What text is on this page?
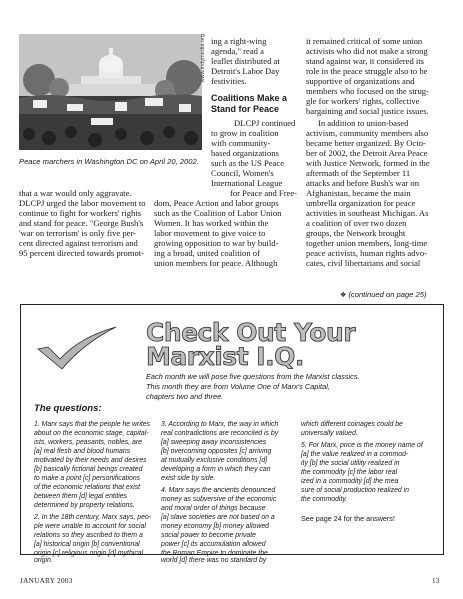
www.indymedia.org
Peace marchers in Washington DC on April 20, 2002.
ing a right-wing
agenda," read a
leaflet distributed at
Detroit's Labor Day
festivities.
Coalitions Make a
Stand for Peace
DLCPJ continued
to grow in coalition
with community-
based organizations
such as the US Peace
Council, Women's
International League
for Peace and Free-
dom, Peace Action and labor groups
such as the Coalition of Labor Union
Women. It has worked within the
labor movement to give voice to
growing opposition to war by build-
ing a broad, united coalition of
union members for peace. Although
that a war would only aggravate.
DLCPJ urged the labor movement to
continue to fight for workers' rights
and stand for peace. "George Bush's
'war on terrorism' is only five per-
cent directed against terrorism and
95 percent directed towards promot-
it remained critical of some union
activists who did not make a strong
stand against war, it considered its
role in the peace struggle also to be
supportive of organizations and
members who focused on the strug-
gle for workers' rights, collective
bargaining and social justice issues.
In addition to union-based
activism, community members also
became better organized. By Octo-
ber of 2002, the Detroit Area Peace
with Justice Network, formed in the
aftermath of the September 11
attacks and before Bush's war on
Afghanistan, became the main
umbrella organization for peace
activities in southeast Michigan. As
a coalition of over two dozen
groups, the Network brought
together union members, long-time
peace activists, human rights advo-
cates, civil libertarians and social
❖ (continued on page 25)
Check Out Your
Marxist I.Q.
Each month we will pose five questions from the Marxist classics.
This month they are from Volume One of Marx's Capital,
chapters two and three.
The questions:
1. Marx says that the people he writes
about on the economic stage, capital-
ists, workers, peasants, nobles, are
[a] real flesh and blood humans
motivated by their needs and desires
[b] basically fictional beings created
to make a point [c] personifications
of the economic relations that exist
between them [d] legal entities
determined by property relations.
2. In the 18th century, Marx says, peo-
ple were unable to account for social
relations so they ascribed to them a
[a] historical origin [b] conventional
origin [c] religious origin [d] mythical
origin.
3. According to Marx, the way in which
real contradictions are reconciled is by
[a] sweeping away inconsistencies
[b] overcoming opposites [c] arriving
at mutually exclusive conditions [d]
developing a form in which they can
exist side by side.
4. Marx says the ancients denounced
money as subversive of the economic
and moral order of things because
[a] slave societies are not based on a
money economy [b] money allowed
social power to become private
power [c] its accumulation allowed
the Roman Empire to dominate the
world [d] there was no standard by
which different coinages could be
universally valued.
5. For Marx, price is the money name of
[a] the value realized in a commod-
ity [b] the social utility realized in
the commodity [c] the labor real
ized in a commodity [d] the mea
sure of social production realized in
the commodity.
See page 24 for the answers!
JANUARY 2003	13
